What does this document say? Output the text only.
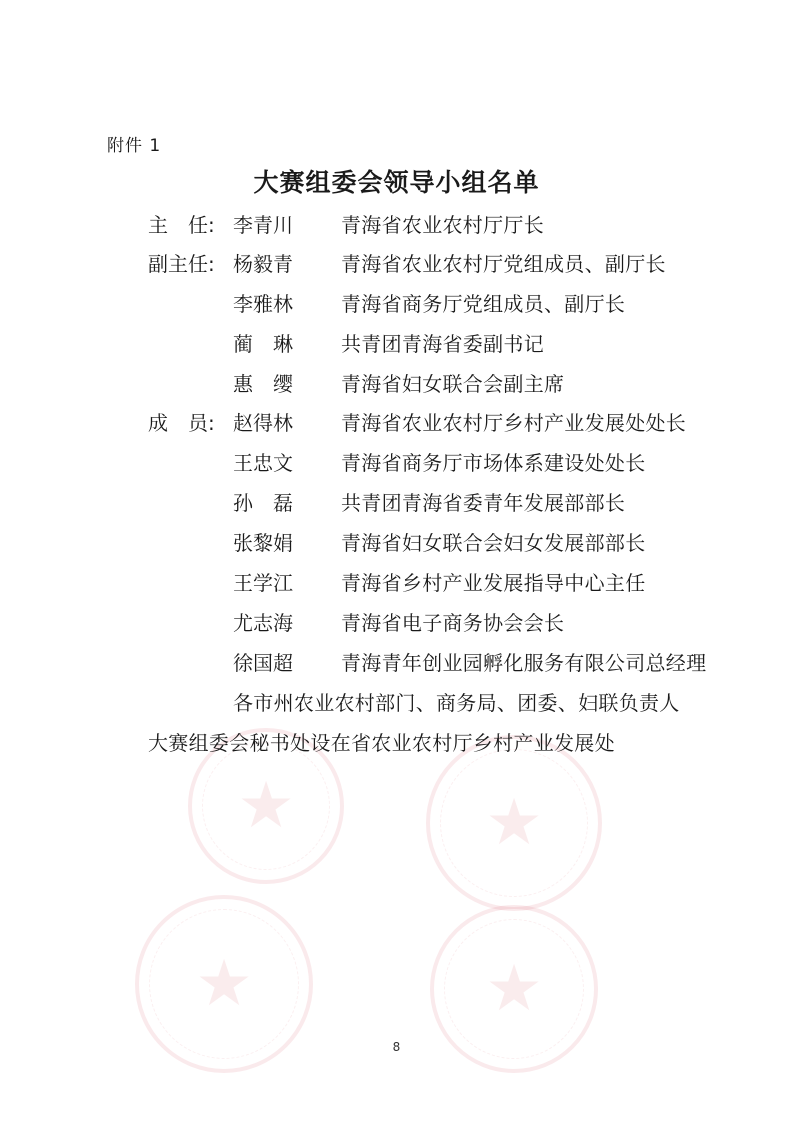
★	★
★	★
附件 1
大赛组委会领导小组名单
主　任: 李青川 青海省农业农村厅厅长
副主任: 杨毅青 青海省农业农村厅党组成员、副厅长
李雅林 青海省商务厅党组成员、副厅长
蔺　琳 共青团青海省委副书记
惠　缨 青海省妇女联合会副主席
成　员: 赵得林 青海省农业农村厅乡村产业发展处处长
王忠文 青海省商务厅市场体系建设处处长
孙　磊 共青团青海省委青年发展部部长
张黎娟 青海省妇女联合会妇女发展部部长
王学江 青海省乡村产业发展指导中心主任
尤志海 青海省电子商务协会会长
徐国超 青海青年创业园孵化服务有限公司总经理
各市州农业农村部门、商务局、团委、妇联负责人
大赛组委会秘书处设在省农业农村厅乡村产业发展处
8
